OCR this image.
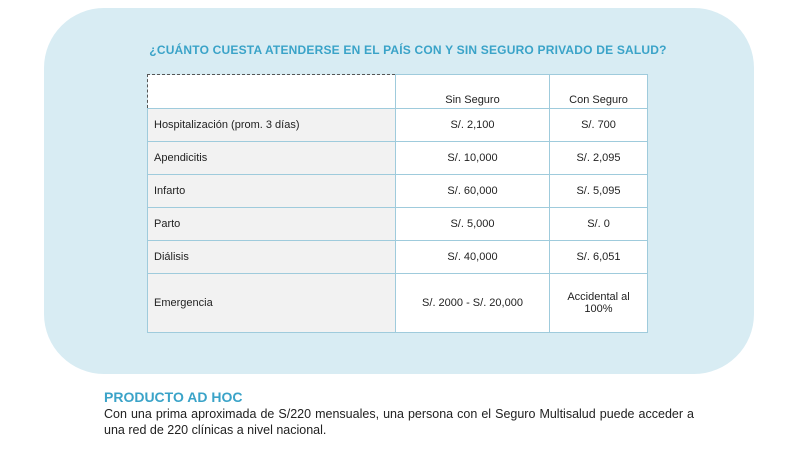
¿CUÁNTO CUESTA ATENDERSE EN EL PAÍS CON Y SIN SEGURO PRIVADO DE SALUD?
	Sin Seguro	Con Seguro
Hospitalización (prom. 3 días)	S/. 2,100	S/. 700
Apendicitis	S/. 10,000	S/. 2,095
Infarto	S/. 60,000	S/. 5,095
Parto	S/. 5,000	S/. 0
Diálisis	S/. 40,000	S/. 6,051
Emergencia	S/. 2000 - S/. 20,000	Accidental al 100%
PRODUCTO AD HOC
Con una prima aproximada de S/220 mensuales, una persona con el Seguro Multisalud puede acceder a una red de 220 clínicas a nivel nacional.
